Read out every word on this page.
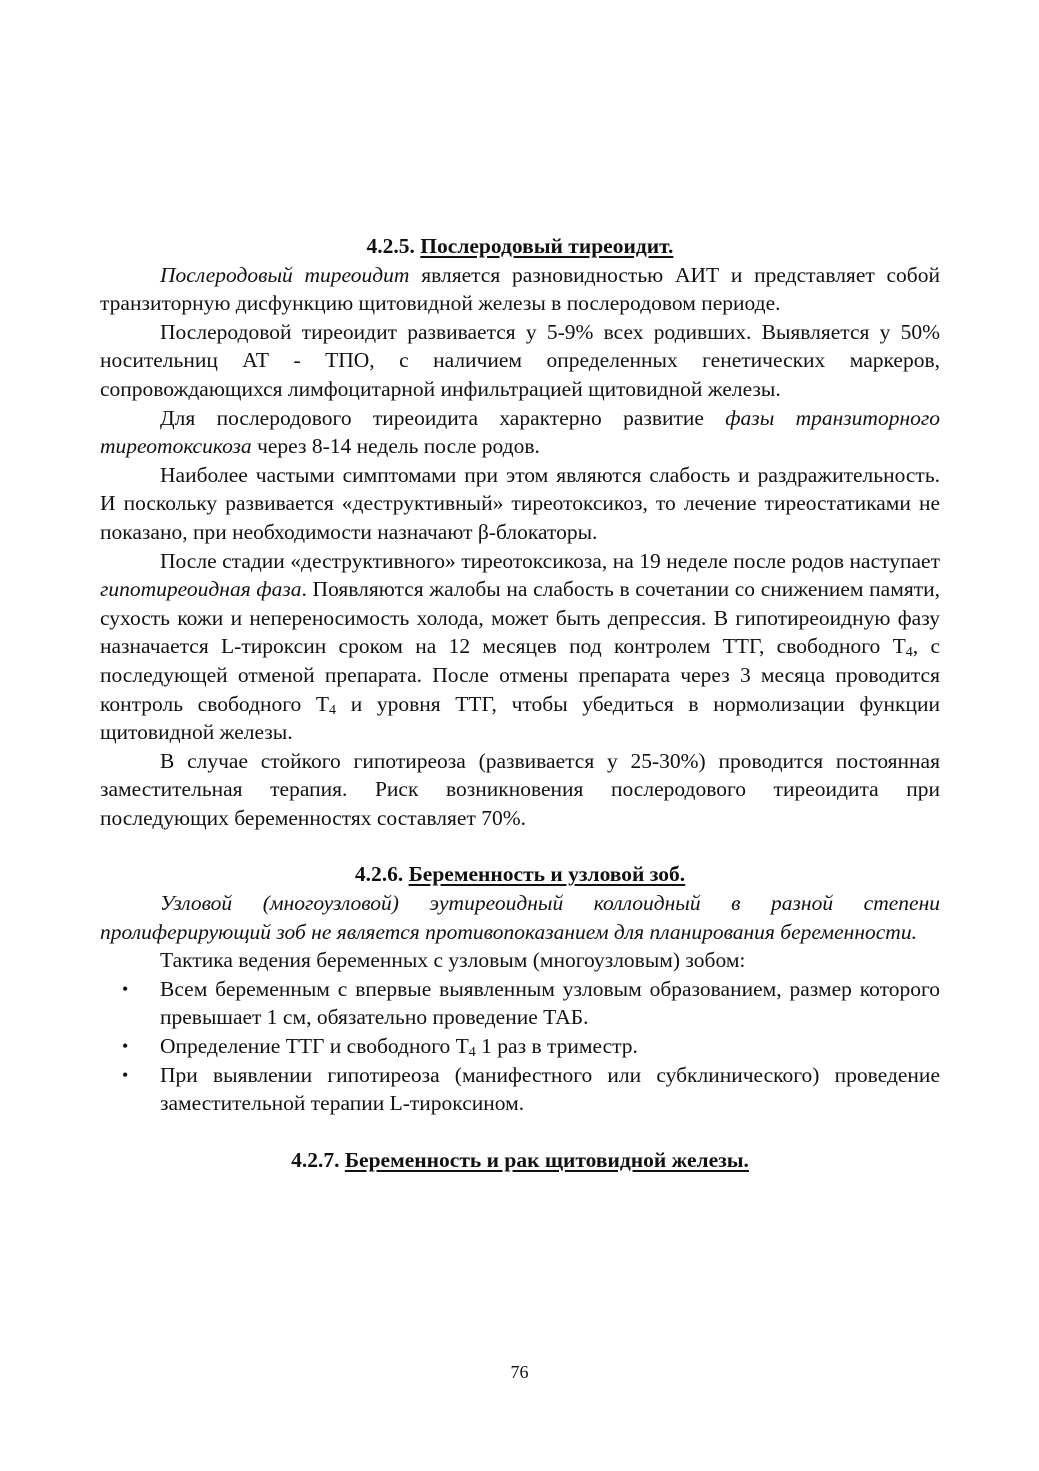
4.2.5. Послеродовый тиреоидит.

Послеродовый тиреоидит является разновидностью АИТ и представляет собой транзиторную дисфункцию щитовидной железы в послеродовом периоде.

Послеродовой тиреоидит развивается у 5-9% всех родивших. Выявляется у 50% носительниц АТ - ТПО, с наличием определенных генетических маркеров, сопровождающихся лимфоцитарной инфильтрацией щитовидной железы.

Для послеродового тиреоидита характерно развитие фазы транзиторного тиреотоксикоза через 8-14 недель после родов.

Наиболее частыми симптомами при этом являются слабость и раздражительность. И поскольку развивается «деструктивный» тиреотоксикоз, то лечение тиреостатиками не показано, при необходимости назначают β-блокаторы.

После стадии «деструктивного» тиреотоксикоза, на 19 неделе после родов наступает гипотиреоидная фаза. Появляются жалобы на слабость в сочетании со снижением памяти, сухость кожи и непереносимость холода, может быть депрессия. В гипотиреоидную фазу назначается L-тироксин сроком на 12 месяцев под контролем ТТГ, свободного $Т_4$, с последующей отменой препарата. После отмены препарата через 3 месяца проводится контроль свободного $Т_4$ и уровня ТТГ, чтобы убедиться в нормолизации функции щитовидной железы.

В случае стойкого гипотиреоза (развивается у 25-30%) проводится постоянная заместительная терапия. Риск возникновения послеродового тиреоидита при последующих беременностях составляет 70%.

4.2.6. Беременность и узловой зоб.

Узловой (многоузловой) эутиреоидный коллоидный в разной степени пролиферирующий зоб не является противопоказанием для планирования беременности.

Тактика ведения беременных с узловым (многоузловым) зобом:

• Всем беременным с впервые выявленным узловым образованием, размер которого превышает 1 см, обязательно проведение ТАБ.
• Определение ТТГ и свободного $Т_4$ 1 раз в триместр.
• При выявлении гипотиреоза (манифестного или субклинического) проведение заместительной терапии L-тироксином.

4.2.7. Беременность и рак щитовидной железы.

76
